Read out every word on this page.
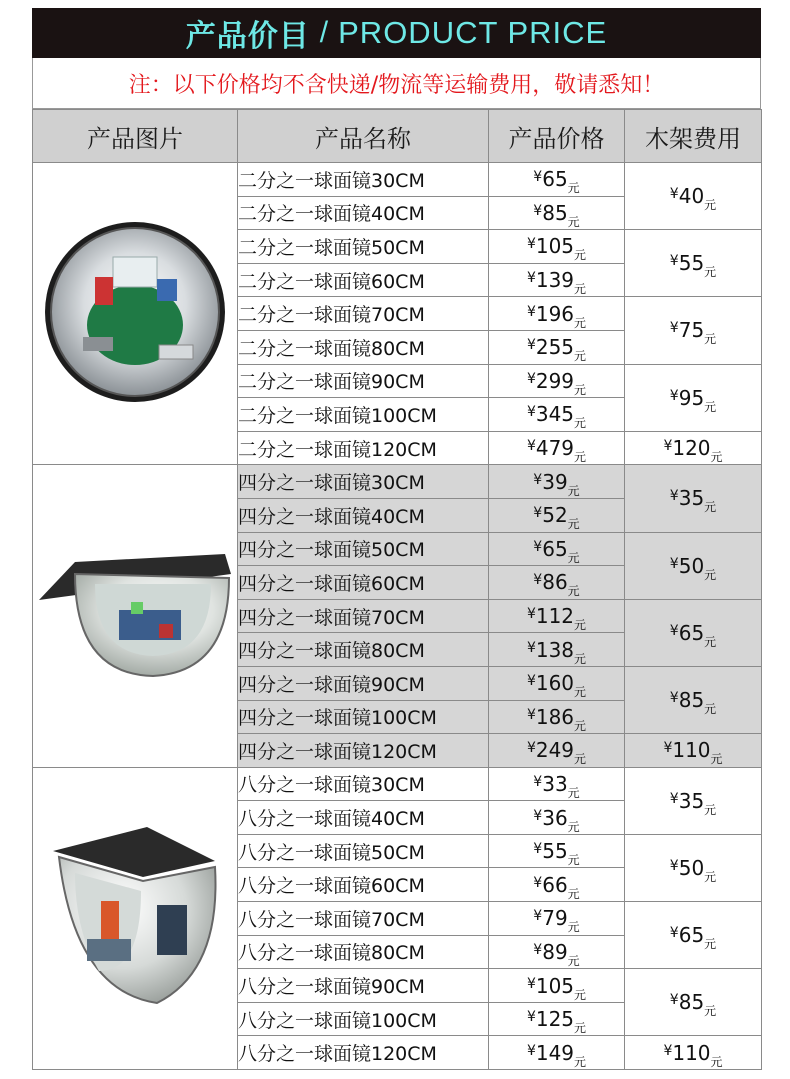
产品价目 / PRODUCT PRICE
注：以下价格均不含快递/物流等运输费用，敬请悉知！
产品图片	产品名称	产品价格	木架费用
	二分之一球面镜30CM	$¥65_元$	$¥40_元$
	二分之一球面镜40CM	$¥85_元$
	二分之一球面镜50CM	$¥105_元$	$¥55_元$
	二分之一球面镜60CM	$¥139_元$
	二分之一球面镜70CM	$¥196_元$	$¥75_元$
	二分之一球面镜80CM	$¥255_元$
	二分之一球面镜90CM	$¥299_元$	$¥95_元$
	二分之一球面镜100CM	$¥345_元$
	二分之一球面镜120CM	$¥479_元$	$¥120_元$
	四分之一球面镜30CM	$¥39_元$	$¥35_元$
	四分之一球面镜40CM	$¥52_元$
	四分之一球面镜50CM	$¥65_元$	$¥50_元$
	四分之一球面镜60CM	$¥86_元$
	四分之一球面镜70CM	$¥112_元$	$¥65_元$
	四分之一球面镜80CM	$¥138_元$
	四分之一球面镜90CM	$¥160_元$	$¥85_元$
	四分之一球面镜100CM	$¥186_元$
	四分之一球面镜120CM	$¥249_元$	$¥110_元$
	八分之一球面镜30CM	$¥33_元$	$¥35_元$
	八分之一球面镜40CM	$¥36_元$
	八分之一球面镜50CM	$¥55_元$	$¥50_元$
	八分之一球面镜60CM	$¥66_元$
	八分之一球面镜70CM	$¥79_元$	$¥65_元$
	八分之一球面镜80CM	$¥89_元$
	八分之一球面镜90CM	$¥105_元$	$¥85_元$
	八分之一球面镜100CM	$¥125_元$
	八分之一球面镜120CM	$¥149_元$	$¥110_元$
